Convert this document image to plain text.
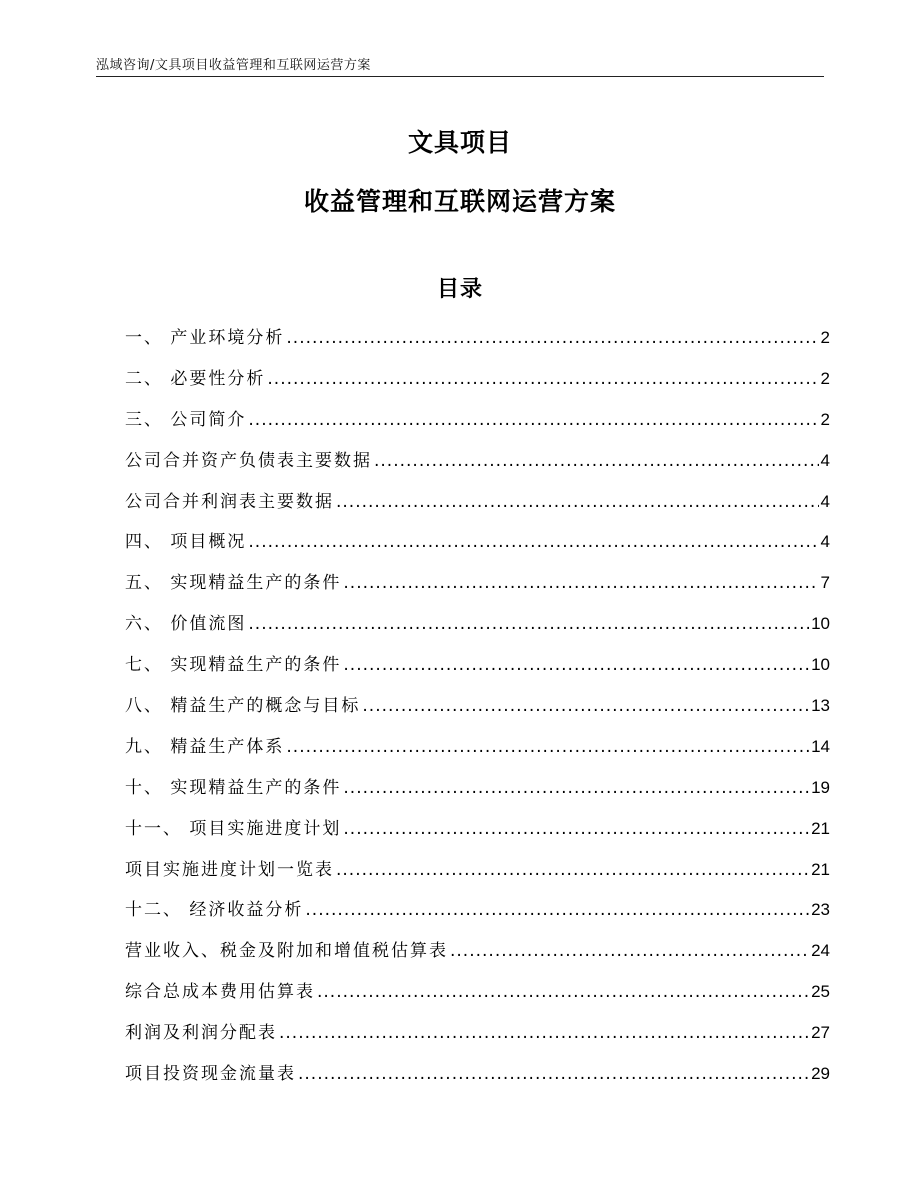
泓域咨询/文具项目收益管理和互联网运营方案
文具项目
收益管理和互联网运营方案
目录
一、 产业环境分析 .....	2
二、 必要性分析 .....	2
三、 公司简介 .....	2
公司合并资产负债表主要数据 .....	4
公司合并利润表主要数据 .....	4
四、 项目概况 .....	4
五、 实现精益生产的条件 .....	7
六、 价值流图 .....	10
七、 实现精益生产的条件 .....	10
八、 精益生产的概念与目标 .....	13
九、 精益生产体系 .....	14
十、 实现精益生产的条件 .....	19
十一、 项目实施进度计划 .....	21
项目实施进度计划一览表 .....	21
十二、 经济收益分析 .....	23
营业收入、税金及附加和增值税估算表 .....	24
综合总成本费用估算表 .....	25
利润及利润分配表 .....	27
项目投资现金流量表 .....	29
